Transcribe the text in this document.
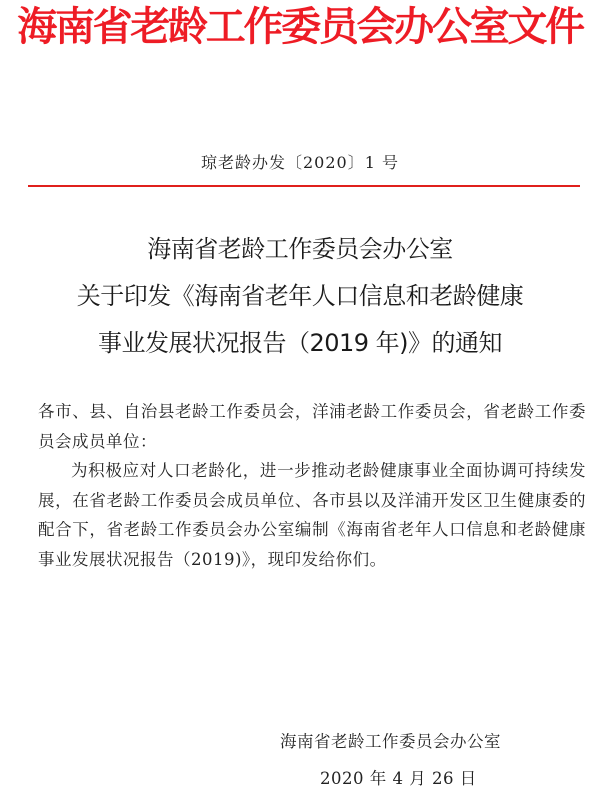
海南省老龄工作委员会办公室文件
琼老龄办发〔2020〕1 号
海南省老龄工作委员会办公室
关于印发《海南省老年人口信息和老龄健康
事业发展状况报告（2019 年)》的通知

各市、县、自治县老龄工作委员会，洋浦老龄工作委员会，省老龄工作委员会成员单位：

为积极应对人口老龄化，进一步推动老龄健康事业全面协调可持续发展，在省老龄工作委员会成员单位、各市县以及洋浦开发区卫生健康委的配合下，省老龄工作委员会办公室编制《海南省老年人口信息和老龄健康事业发展状况报告（2019)》，现印发给你们。

海南省老龄工作委员会办公室
2020 年 4 月 26 日
